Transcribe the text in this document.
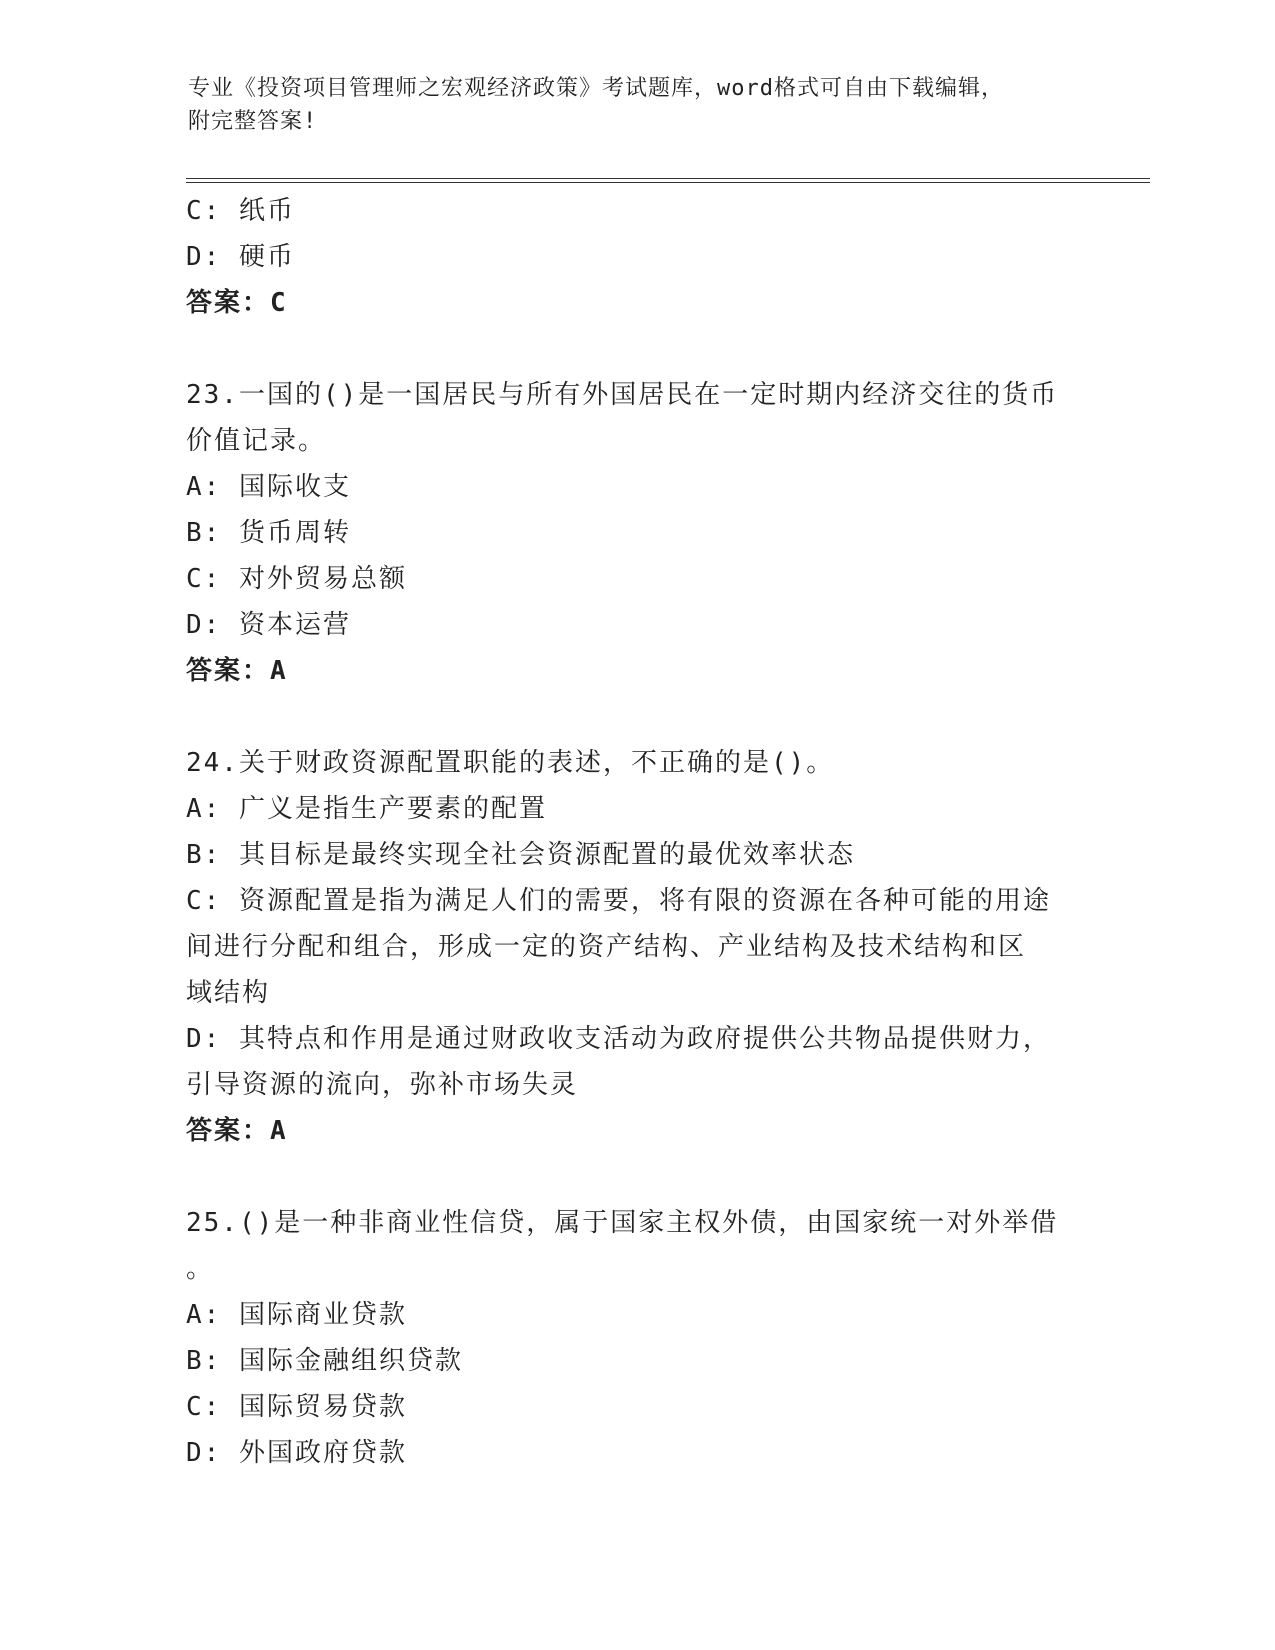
专业《投资项目管理师之宏观经济政策》考试题库，word格式可自由下载编辑，
附完整答案!
C: 纸币
D: 硬币
答案：C
23.一国的()是一国居民与所有外国居民在一定时期内经济交往的货币
价值记录。
A: 国际收支
B: 货币周转
C: 对外贸易总额
D: 资本运营
答案：A
24.关于财政资源配置职能的表述，不正确的是()。
A: 广义是指生产要素的配置
B: 其目标是最终实现全社会资源配置的最优效率状态
C: 资源配置是指为满足人们的需要，将有限的资源在各种可能的用途
间进行分配和组合，形成一定的资产结构、产业结构及技术结构和区
域结构
D: 其特点和作用是通过财政收支活动为政府提供公共物品提供财力，
引导资源的流向，弥补市场失灵
答案：A
25.()是一种非商业性信贷，属于国家主权外债，由国家统一对外举借
。
A: 国际商业贷款
B: 国际金融组织贷款
C: 国际贸易贷款
D: 外国政府贷款
